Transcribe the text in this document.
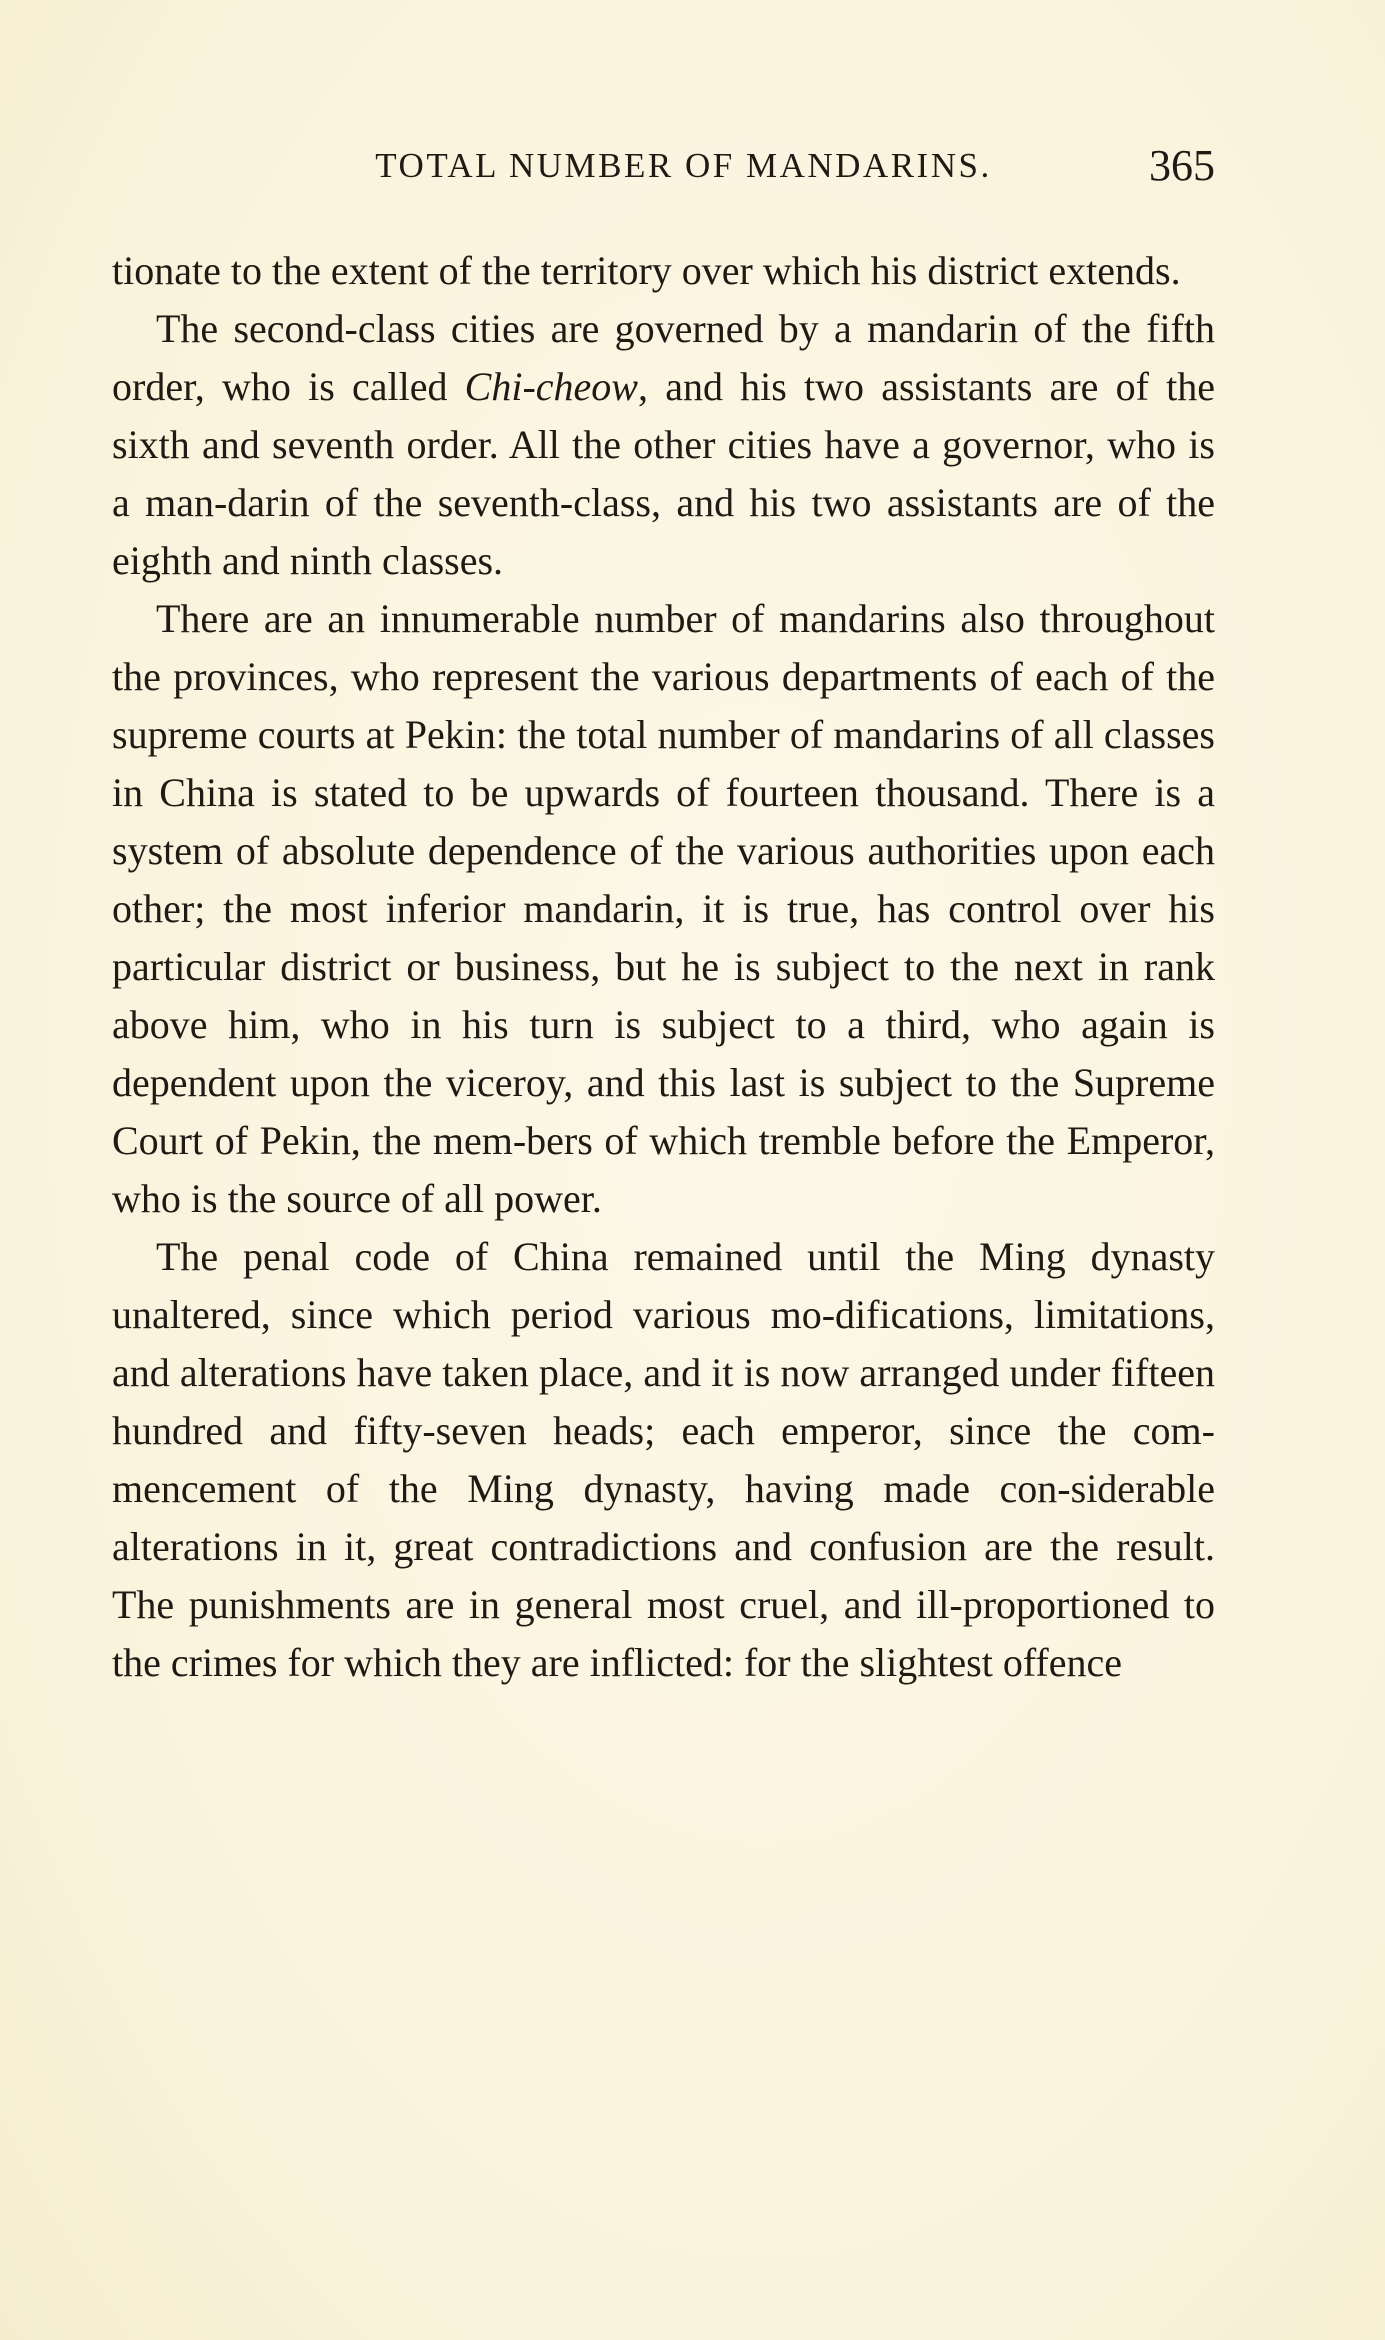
TOTAL NUMBER OF MANDARINS.	365

tionate to the extent of the territory over which his district extends.

The second-class cities are governed by a mandarin of the fifth order, who is called Chi-cheow, and his two assistants are of the sixth and seventh order. All the other cities have a governor, who is a man-darin of the seventh-class, and his two assistants are of the eighth and ninth classes.

There are an innumerable number of mandarins also throughout the provinces, who represent the various departments of each of the supreme courts at Pekin: the total number of mandarins of all classes in China is stated to be upwards of fourteen thousand. There is a system of absolute dependence of the various authorities upon each other; the most inferior mandarin, it is true, has control over his particular district or business, but he is subject to the next in rank above him, who in his turn is subject to a third, who again is dependent upon the viceroy, and this last is subject to the Supreme Court of Pekin, the mem-bers of which tremble before the Emperor, who is the source of all power.

The penal code of China remained until the Ming dynasty unaltered, since which period various mo-difications, limitations, and alterations have taken place, and it is now arranged under fifteen hundred and fifty-seven heads; each emperor, since the com-mencement of the Ming dynasty, having made con-siderable alterations in it, great contradictions and confusion are the result. The punishments are in general most cruel, and ill-proportioned to the crimes for which they are inflicted: for the slightest offence
